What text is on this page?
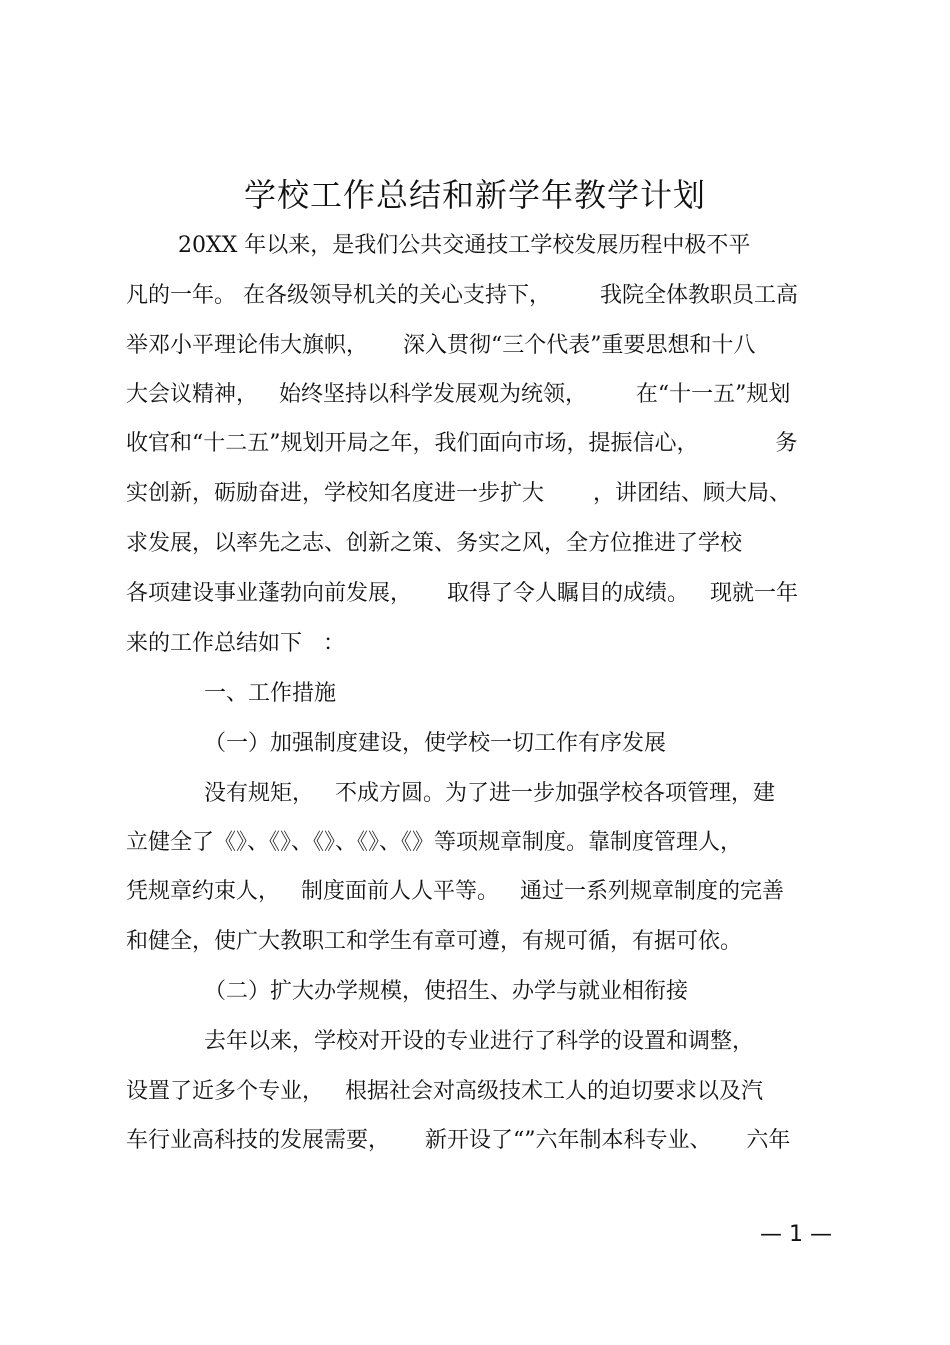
学校工作总结和新学年教学计划
20XX 年以来，是我们公共交通技工学校发展历程中极不平
凡的一年。 在各级领导机关的关心支持下，       我院全体教职员工高
举邓小平理论伟大旗帜，     深入贯彻“三个代表”重要思想和十八
大会议精神，   始终坚持以科学发展观为统领，       在“十一五”规划
收官和“十二五”规划开局之年，我们面向市场，提振信心，           务
实创新，砺励奋进，学校知名度进一步扩大       ，讲团结、顾大局、
求发展，以率先之志、创新之策、务实之风，全方位推进了学校
各项建设事业蓬勃向前发展，     取得了令人瞩目的成绩。   现就一年
来的工作总结如下   ：
一、工作措施
（一）加强制度建设，使学校一切工作有序发展
没有规矩，   不成方圆。为了进一步加强学校各项管理，建
立健全了《》、《》、《》、《》、《》等项规章制度。靠制度管理人，
凭规章约束人，   制度面前人人平等。   通过一系列规章制度的完善
和健全，使广大教职工和学生有章可遵，有规可循，有据可依。
（二）扩大办学规模，使招生、办学与就业相衔接
去年以来，学校对开设的专业进行了科学的设置和调整，
设置了近多个专业，   根据社会对高级技术工人的迫切要求以及汽
车行业高科技的发展需要，     新开设了“”六年制本科专业、     六年
— 1 —
